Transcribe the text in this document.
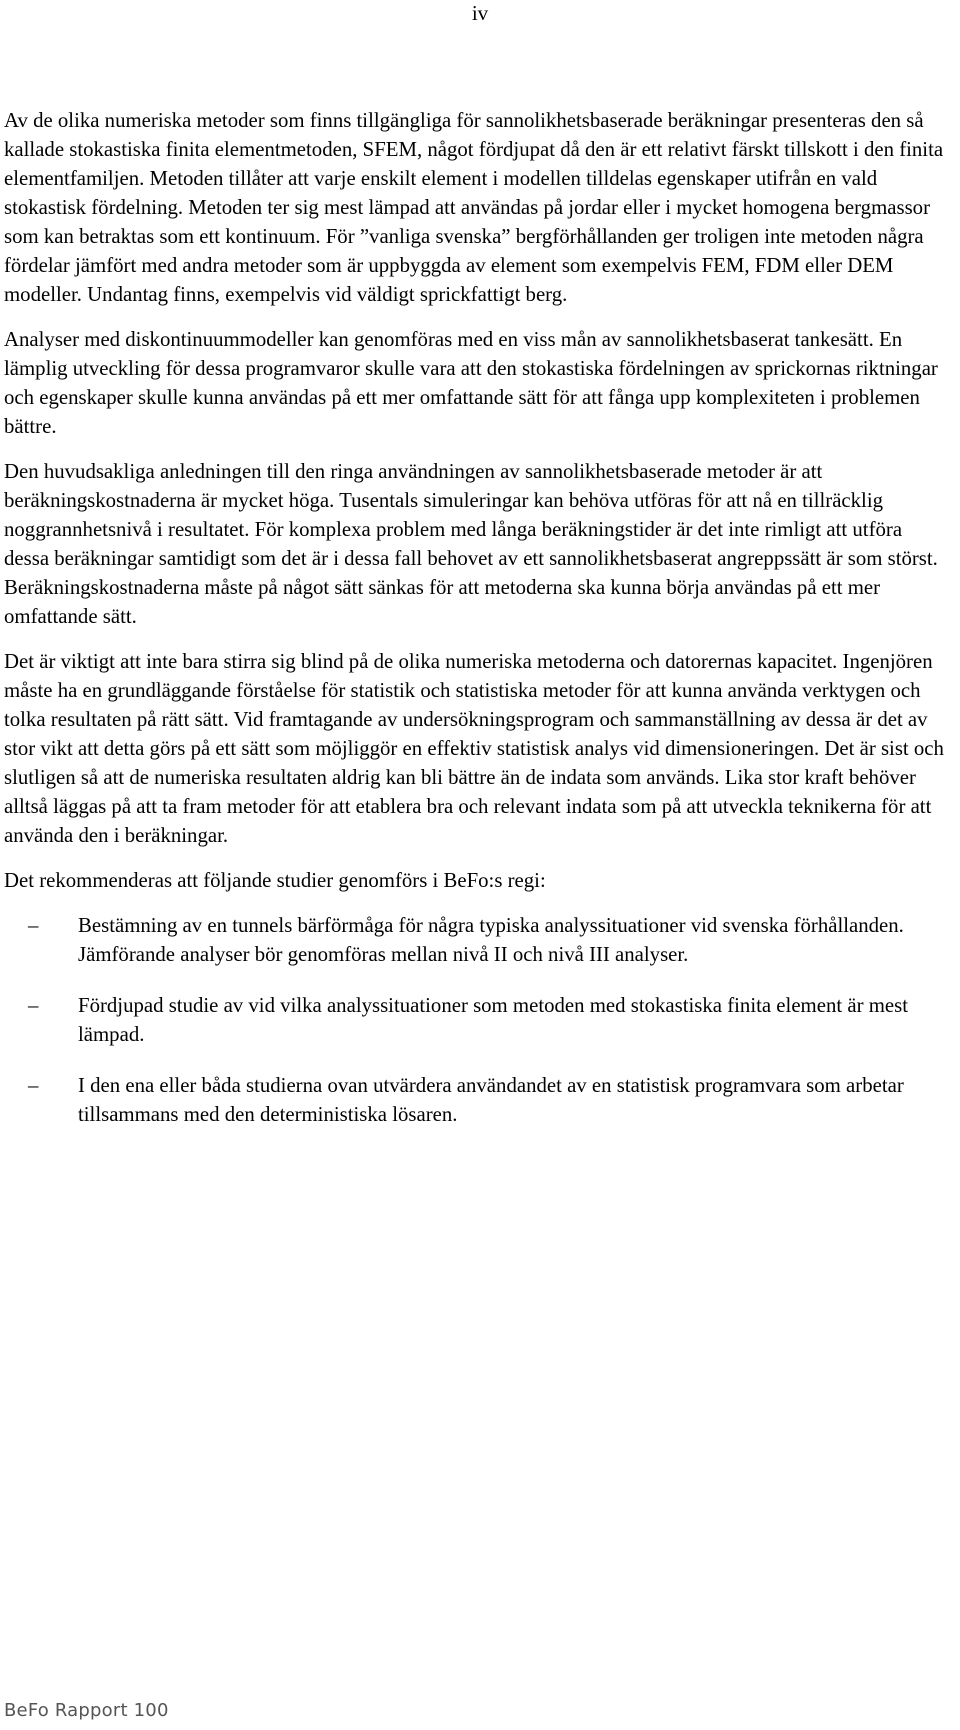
iv

Av de olika numeriska metoder som finns tillgängliga för sannolikhetsbaserade beräkningar presenteras den så kallade stokastiska finita elementmetoden, SFEM, något fördjupat då den är ett relativt färskt tillskott i den finita elementfamiljen. Metoden tillåter att varje enskilt element i modellen tilldelas egenskaper utifrån en vald stokastisk fördelning. Metoden ter sig mest lämpad att användas på jordar eller i mycket homogena bergmassor som kan betraktas som ett kontinuum. För ”vanliga svenska” bergförhållanden ger troligen inte metoden några fördelar jämfört med andra metoder som är uppbyggda av element som exempelvis FEM, FDM eller DEM modeller. Undantag finns, exempelvis vid väldigt sprickfattigt berg.

Analyser med diskontinuummodeller kan genomföras med en viss mån av sannolikhetsbaserat tankesätt. En lämplig utveckling för dessa programvaror skulle vara att den stokastiska fördelningen av sprickornas riktningar och egenskaper skulle kunna användas på ett mer omfattande sätt för att fånga upp komplexiteten i problemen bättre.

Den huvudsakliga anledningen till den ringa användningen av sannolikhetsbaserade metoder är att beräkningskostnaderna är mycket höga. Tusentals simuleringar kan behöva utföras för att nå en tillräcklig noggrannhetsnivå i resultatet. För komplexa problem med långa beräkningstider är det inte rimligt att utföra dessa beräkningar samtidigt som det är i dessa fall behovet av ett sannolikhetsbaserat angreppssätt är som störst. Beräkningskostnaderna måste på något sätt sänkas för att metoderna ska kunna börja användas på ett mer omfattande sätt.

Det är viktigt att inte bara stirra sig blind på de olika numeriska metoderna och datorernas kapacitet. Ingenjören måste ha en grundläggande förståelse för statistik och statistiska metoder för att kunna använda verktygen och tolka resultaten på rätt sätt. Vid framtagande av undersökningsprogram och sammanställning av dessa är det av stor vikt att detta görs på ett sätt som möjliggör en effektiv statistisk analys vid dimensioneringen. Det är sist och slutligen så att de numeriska resultaten aldrig kan bli bättre än de indata som används. Lika stor kraft behöver alltså läggas på att ta fram metoder för att etablera bra och relevant indata som på att utveckla teknikerna för att använda den i beräkningar.

Det rekommenderas att följande studier genomförs i BeFo:s regi:

– Bestämning av en tunnels bärförmåga för några typiska analyssituationer vid svenska förhållanden. Jämförande analyser bör genomföras mellan nivå II och nivå III analyser.
– Fördjupad studie av vid vilka analyssituationer som metoden med stokastiska finita element är mest lämpad.
– I den ena eller båda studierna ovan utvärdera användandet av en statistisk programvara som arbetar tillsammans med den deterministiska lösaren.
BeFo Rapport 100
